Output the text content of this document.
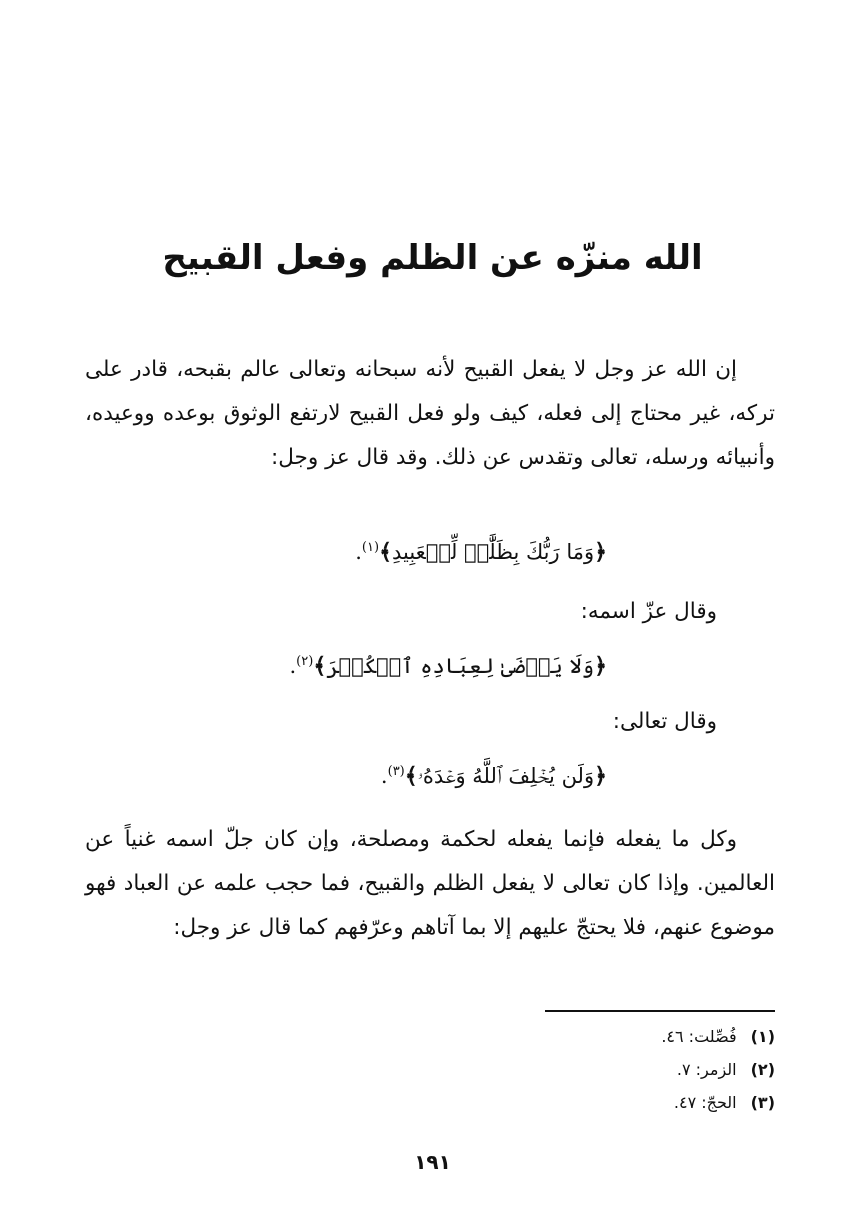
الله منزّه عن الظلم وفعل القبيح

إن الله عز وجل لا يفعل القبيح لأنه سبحانه وتعالى عالم بقبحه، قادر على تركه، غير محتاج إلى فعله، كيف ولو فعل القبيح لارتفع الوثوق بوعده ووعيده، وأنبيائه ورسله، تعالى وتقدس عن ذلك. وقد قال عز وجل:

﴿وَمَا رَبُّكَ بِظَلَّٰمٖ لِّلۡعَبِيدِ﴾$^{(١)}$.

وقال عزّ اسمه:

﴿وَلَا يَرۡضَىٰ لِعِبَادِهِ ٱلۡكُفۡرَ﴾$^{(٢)}$.

وقال تعالى:

﴿وَلَن يُخۡلِفَ ٱللَّهُ وَعۡدَهُۥ﴾$^{(٣)}$.

وكل ما يفعله فإنما يفعله لحكمة ومصلحة، وإن كان جلّ اسمه غنياً عن العالمين. وإذا كان تعالى لا يفعل الظلم والقبيح، فما حجب علمه عن العباد فهو موضوع عنهم، فلا يحتجّ عليهم إلا بما آتاهم وعرّفهم كما قال عز وجل:

(١)فُصِّلت: ٤٦.
(٢)الزمر: ٧.
(٣)الحجّ: ٤٧.

١٩١
